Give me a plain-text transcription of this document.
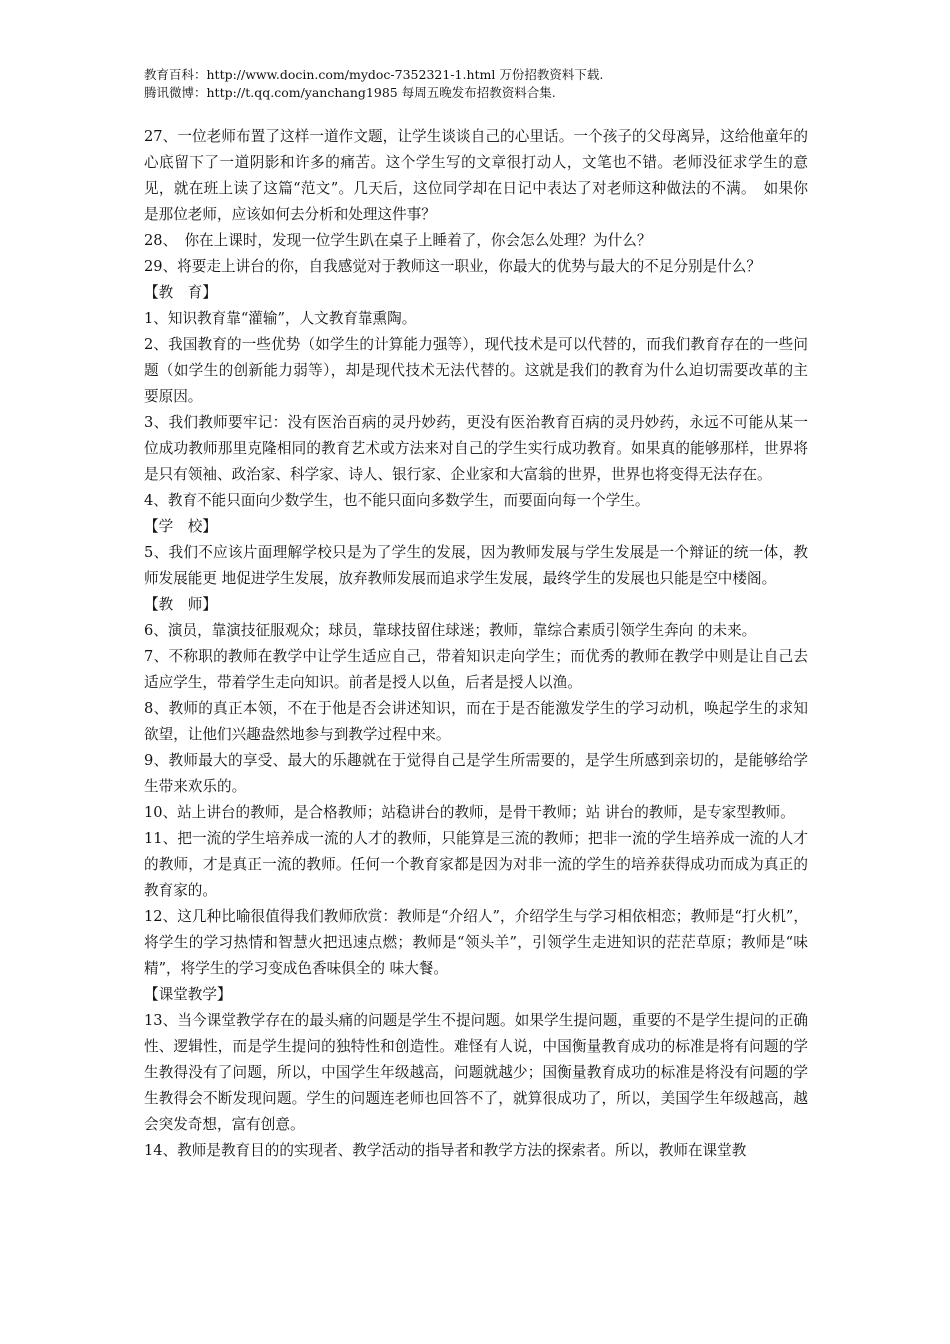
教育百科：http://www.docin.com/mydoc-7352321-1.html 万份招教资料下载.
腾讯微博：http://t.qq.com/yanchang1985 每周五晚发布招教资料合集.

27、一位老师布置了这样一道作文题，让学生谈谈自己的心里话。一个孩子的父母离异，这给他童年的心底留下了一道阴影和许多的痛苦。这个学生写的文章很打动人，文笔也不错。老师没征求学生的意见，就在班上读了这篇“范文”。几天后，这位同学却在日记中表达了对老师这种做法的不满。　如果你是那位老师，应该如何去分析和处理这件事？

28、　你在上课时，发现一位学生趴在桌子上睡着了，你会怎么处理？为什么？

29、将要走上讲台的你，自我感觉对于教师这一职业，你最大的优势与最大的不足分别是什么？

【教　育】

1、知识教育靠“灌输”，人文教育靠熏陶。

2、我国教育的一些优势（如学生的计算能力强等），现代技术是可以代替的，而我们教育存在的一些问题（如学生的创新能力弱等），却是现代技术无法代替的。这就是我们的教育为什么迫切需要改革的主要原因。

3、我们教师要牢记：没有医治百病的灵丹妙药，更没有医治教育百病的灵丹妙药，永远不可能从某一位成功教师那里克隆相同的教育艺术或方法来对自己的学生实行成功教育。如果真的能够那样，世界将是只有领袖、政治家、科学家、诗人、银行家、企业家和大富翁的世界，世界也将变得无法存在。

4、教育不能只面向少数学生，也不能只面向多数学生，而要面向每一个学生。

【学　校】

5、我们不应该片面理解学校只是为了学生的发展，因为教师发展与学生发展是一个辩证的统一体，教师发展能更 地促进学生发展，放弃教师发展而追求学生发展，最终学生的发展也只能是空中楼阁。

【教　师】

6、演员，靠演技征服观众；球员，靠球技留住球迷；教师，靠综合素质引领学生奔向 的未来。

7、不称职的教师在教学中让学生适应自己，带着知识走向学生；而优秀的教师在教学中则是让自己去适应学生，带着学生走向知识。前者是授人以鱼，后者是授人以渔。

8、教师的真正本领，不在于他是否会讲述知识，而在于是否能激发学生的学习动机，唤起学生的求知欲望，让他们兴趣盎然地参与到教学过程中来。

9、教师最大的享受、最大的乐趣就在于觉得自己是学生所需要的，是学生所感到亲切的，是能够给学生带来欢乐的。

10、站上讲台的教师，是合格教师；站稳讲台的教师，是骨干教师；站 讲台的教师，是专家型教师。

11、把一流的学生培养成一流的人才的教师，只能算是三流的教师；把非一流的学生培养成一流的人才的教师，才是真正一流的教师。任何一个教育家都是因为对非一流的学生的培养获得成功而成为真正的教育家的。

12、这几种比喻很值得我们教师欣赏：教师是“介绍人”，介绍学生与学习相依相恋；教师是“打火机”，将学生的学习热情和智慧火把迅速点燃；教师是“领头羊”，引领学生走进知识的茫茫草原；教师是“味精”，将学生的学习变成色香味俱全的 味大餐。

【课堂教学】

13、当今课堂教学存在的最头痛的问题是学生不提问题。如果学生提问题，重要的不是学生提问的正确性、逻辑性，而是学生提问的独特性和创造性。难怪有人说，中国衡量教育成功的标准是将有问题的学生教得没有了问题，所以，中国学生年级越高，问题就越少；国衡量教育成功的标准是将没有问题的学生教得会不断发现问题。学生的问题连老师也回答不了，就算很成功了，所以，美国学生年级越高，越会突发奇想，富有创意。

14、教师是教育目的的实现者、教学活动的指导者和教学方法的探索者。所以，教师在课堂教
